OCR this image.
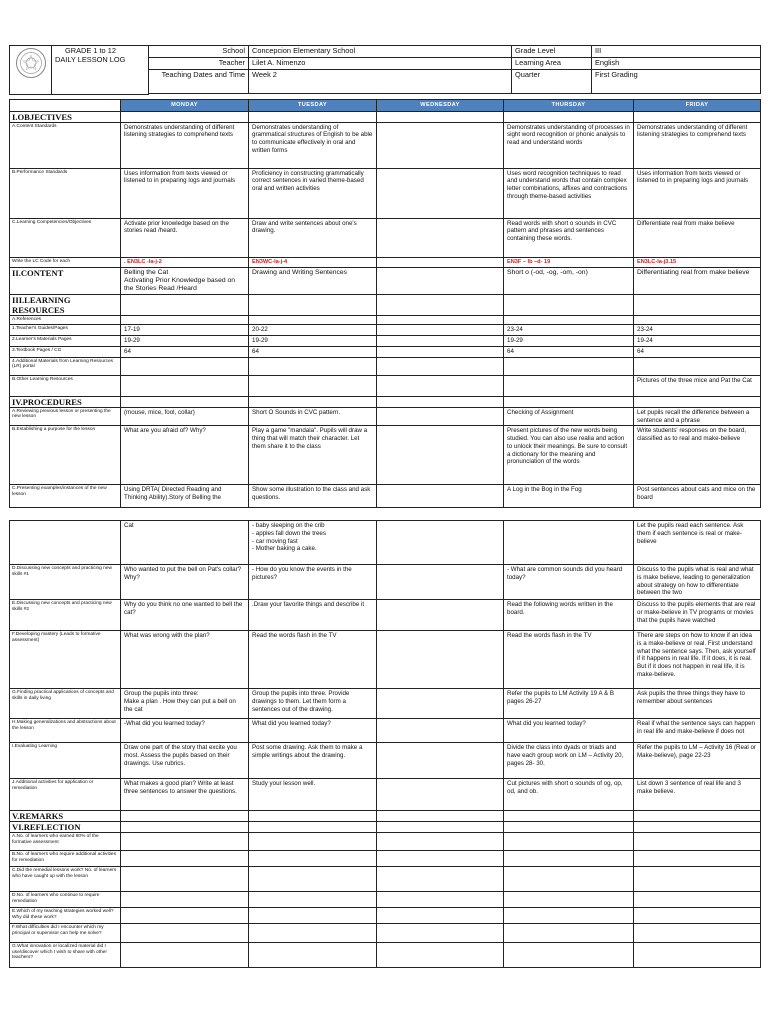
GRADE 1 to 12
DAILY LESSON LOG	School	Concepcion Elementary School	Grade Level	III
		Teacher	Lilet A. Nimenzo	Learning Area	English
		Teaching Dates and Time	Week 2	Quarter	First Grading

	MONDAY	TUESDAY	WEDNESDAY	THURSDAY	FRIDAY
I.OBJECTIVES					
A.Content Standards	Demonstrates understanding of different listening strategies to comprehend texts	Demonstrates understanding of grammatical structures of English to be able to communicate effectively in oral and written forms		Demonstrates understanding of processes in sight word recognition or phonic analysis to read and understand words	Demonstrates understanding of different listening strategies to comprehend texts
B.Performance Standards	Uses information from texts viewed or listened to in preparing logs and journals	Proficiency in constructing grammatically correct sentences in varied theme-based oral and written activities		Uses word recognition techniques to read and understand words that contain complex letter combinations, affixes and contractions through theme-based activities	Uses information from texts viewed or listened to in preparing logs and journals
C.Learning Competencies/Objectives	Activate prior knowledge based on the stories read /heard.	Draw and write sentences about one's drawing.		Read words with short o sounds in CVC pattern and phrases and sentences containing these words.	Differentiate real from make believe
Write the LC Code for each	. EN3LC -Ia-j-2	EN3WC-Ia-j-4		EN3F – Ib –d- 19	EN3LC-Ia-j3.15
II.CONTENT	Belling the Cat
Activating Prior Knowledge based on the Stories Read /Heard	Drawing and Writing Sentences		Short o (-od, -og, -om, -on)	Differentiating real from make believe
III.LEARNING RESOURCES					
A.References					
1.Teacher's Guides/Pages	17-19	20-22		23-24	23-24
2.Learner's Materials Pages	19-29	19-29		19-29	19-24
3.Textbook Pages / CG	64	64		64	64
4.Additional Materials from Learning Resources (LR) portal					
B.Other Learning Resources					Pictures of the three mice and Pat the Cat
IV.PROCEDURES					
A.Reviewing previous lesson or presenting the new lesson	(mouse, mice, fool, collar)	Short O Sounds in CVC pattern.		Checking of Assignment	Let pupils recall the difference between a sentence and a phrase
B.Establishing a purpose for the lesson	What are you afraid of? Why?	Play a game "mandala". Pupils will draw a thing that will match their character. Let them share it to the class		Present pictures of the new words being studied. You can also use realia and action to unlock their meanings. Be sure to consult a dictionary for the meaning and pronunciation of the words	Write students' responses on the board, classified as to real and make-believe
C.Presenting examples/instances of the new lesson	Using DRTA( Directed Reading and Thinking Ability).Story of Belling the	Show some illustration to the class and ask questions.		A Log in the Bog in the Fog	Post sentences about cats and mice on the board
	Cat	- baby sleeping on the crib
- apples fall down the trees
- car moving fast
- Mother baking a cake.			Let the pupils read each sentence. Ask them if each sentence is real or make-believe
D.Discussing new concepts and practicing new skills #1	Who wanted to put the bell on Pat's collar? Why?	- How do you know the events in the pictures?		- What are common sounds did you heard today?	Discuss to the pupils what is real and what is make believe, leading to generalization about strategy on how to differentiate between the two
E.Discussing new concepts and practicing new skills #2	Why do you think no one wanted to bell the cat?	.Draw your favorite things and describe it		Read the following words written in the board.	Discuss to the pupils elements that are real or make-believe in TV programs or movies that the pupils have watched
F.Developing mastery (Leads to formative assessment)	What was wrong with the plan?	Read the words flash in the TV		Read the words flash in the TV	There are steps on how to know if an idea is a make-believe or real. First understand what the sentence says. Then, ask yourself if it happens in real life. If it does, it is real. But if it does not happen in real life, it is make-believe.
G.Finding practical applications of concepts and skills in daily living	Group the pupils into three:
Make a plan . How they can put a bell on the cat	Group the pupils into three. Provide drawings to them. Let them form a sentences out of the drawing.		Refer the pupils to LM Activity 19 A & B pages 26-27	Ask pupils the three things they have to remember about sentences
H.Making generalizations and abstractions about the lesson	-What did you learned today?	What did you learned today?		What did you learned today?	Real if what the sentence says can happen in real life and make-believe if does not
I.Evaluating Learning	Draw one part of the story that excite you most. Assess the pupils based on their drawings. Use rubrics.	Post some drawing. Ask them to make a simple writings about the drawing.		Divide the class into dyads or triads and have each group work on LM – Activity 20, pages 28- 30.	Refer the pupils to LM – Activity 16 (Real or Make-believe), page 22-23
J.Additional activities for application or remediation	What makes a good plan? Write at least three sentences to answer the questions.	Study your lesson well.		Cut pictures with short o sounds of og, op, od, and ob.	List down 3 sentence of real life and 3 make believe.
V.REMARKS					
VI.REFLECTION					
A.No. of learners who earned 80% of the formative assessment					
B.No. of learners who require additional activities for remediation					
C.Did the remedial lessons work? No. of learners who have caught up with the lesson					
D.No. of learners who continue to require remediation					
E.Which of my teaching strategies worked well? Why did these work?					
F.What difficulties did I encounter which my principal or supervisor can help me solve?					
G.What innovation or localized material did I use/discover which I wish to share with other teachers?					
